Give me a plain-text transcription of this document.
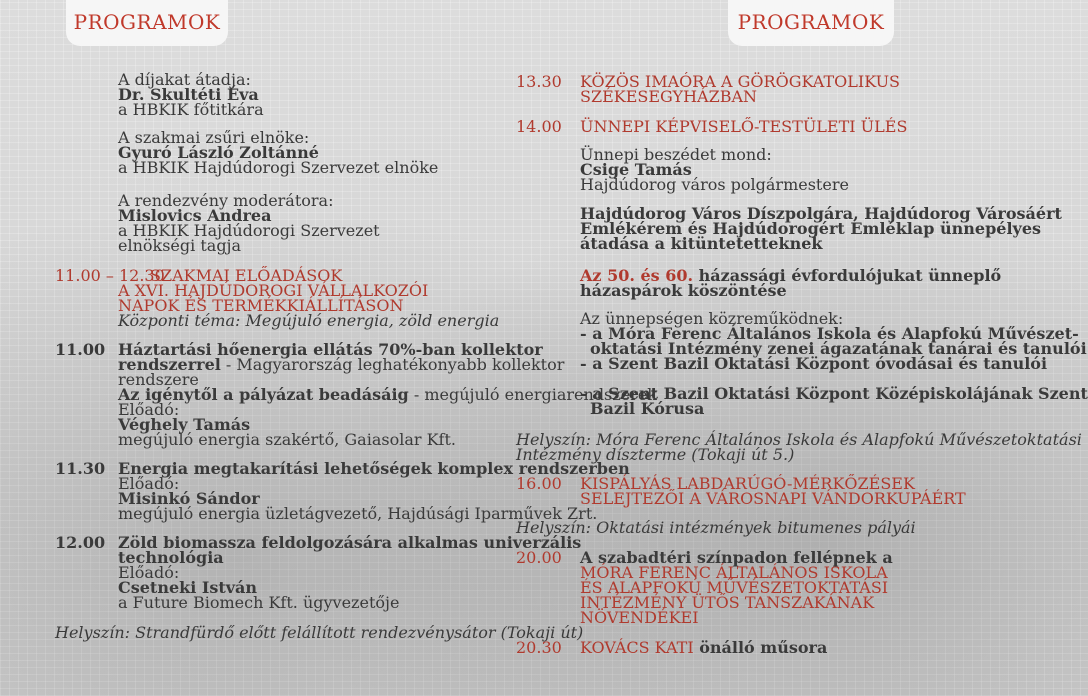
PROGRAMOK	PROGRAMOK
A díjakat átadja:
Dr. Skultéti Éva
a HBKIK főtitkára
A szakmai zsűri elnöke:
Gyuró László Zoltánné
a HBKIK Hajdúdorogi Szervezet elnöke
A rendezvény moderátora:
Mislovics Andrea
a HBKIK Hajdúdorogi Szervezet
elnökségi tagja
11.00 – 12.30
SZAKMAI ELŐADÁSOK
A XVI. HAJDÚDOROGI VÁLLALKOZÓI
NAPOK ÉS TERMÉKKIÁLLÍTÁSON
Központi téma: Megújuló energia, zöld energia
11.00 Háztartási hőenergia ellátás 70%-ban kollektor
rendszerrel - Magyarország leghatékonyabb kollektor
rendszere
Az igénytől a pályázat beadásáig - megújuló energiarendszerek
Előadó:
Véghely Tamás
megújuló energia szakértő, Gaiasolar Kft.
11.30 Energia megtakarítási lehetőségek komplex rendszerben
Előadó:
Misinkó Sándor
megújuló energia üzletágvezető, Hajdúsági Iparművek Zrt.
12.00 Zöld biomassza feldolgozására alkalmas univerzális
technológia
Előadó:
Csetneki István
a Future Biomech Kft. ügyvezetője
Helyszín: Strandfürdő előtt felállított rendezvénysátor (Tokaji út)
13.30 KÖZÖS IMAÓRA A GÖRÖGKATOLIKUS
SZÉKESEGYHÁZBAN
14.00 ÜNNEPI KÉPVISELŐ-TESTÜLETI ÜLÉS
Ünnepi beszédet mond:
Csige Tamás
Hajdúdorog város polgármestere
Hajdúdorog Város Díszpolgára, Hajdúdorog Városáért
Emlékérem és Hajdúdorogért Emléklap ünnepélyes
átadása a kitüntetetteknek
Az 50. és 60. házassági évfordulójukat ünneplő
házaspárok köszöntése
Az ünnepségen közreműködnek:
- a Móra Ferenc Általános Iskola és Alapfokú Művészet-
oktatási Intézmény zenei ágazatának tanárai és tanulói
- a Szent Bazil Oktatási Központ óvodásai és tanulói
- a Szent Bazil Oktatási Központ Középiskolájának Szent
Bazil Kórusa
Helyszín: Móra Ferenc Általános Iskola és Alapfokú Művészetoktatási
Intézmény díszterme (Tokaji út 5.)
16.00 KISPÁLYÁS LABDARÚGÓ-MÉRKŐZÉSEK
SELEJTEZŐI A VÁROSNAPI VÁNDORKUPÁÉRT
Helyszín: Oktatási intézmények bitumenes pályái
20.00 A szabadtéri színpadon fellépnek a
MÓRA FERENC ÁLTALÁNOS ISKOLA
ÉS ALAPFOKÚ MŰVÉSZETOKTATÁSI
INTÉZMÉNY ÜTŐS TANSZAKÁNAK
NÖVENDÉKEI
20.30 KOVÁCS KATI önálló műsora
